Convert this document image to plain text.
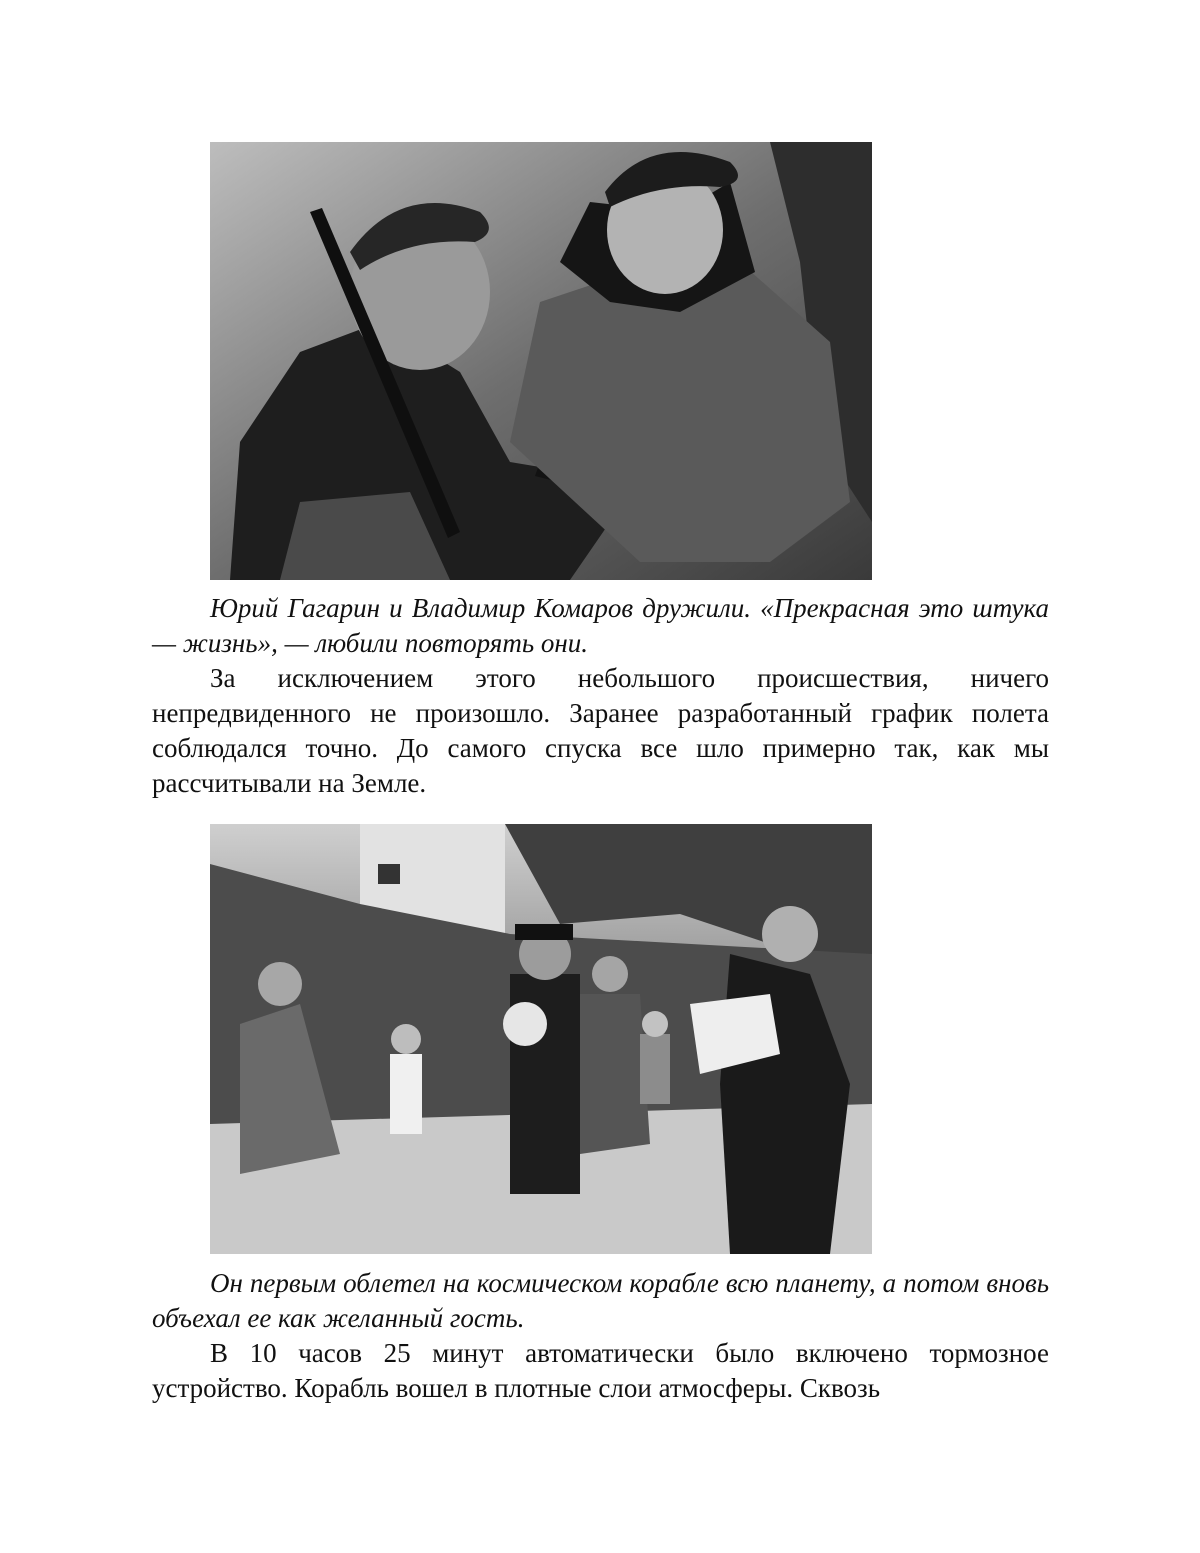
Юрий Гагарин и Владимир Комаров дружили. «Прекрасная это штука — жизнь», — любили повторять они.

За исключением этого небольшого происшествия, ничего непредвиденного не произошло. Заранее разработанный график полета соблюдался точно. До самого спуска все шло примерно так, как мы рассчитывали на Земле.

Он первым облетел на космическом корабле всю планету, а потом вновь объехал ее как желанный гость.

В 10 часов 25 минут автоматически было включено тормозное устройство. Корабль вошел в плотные слои атмосферы. Сквозь
